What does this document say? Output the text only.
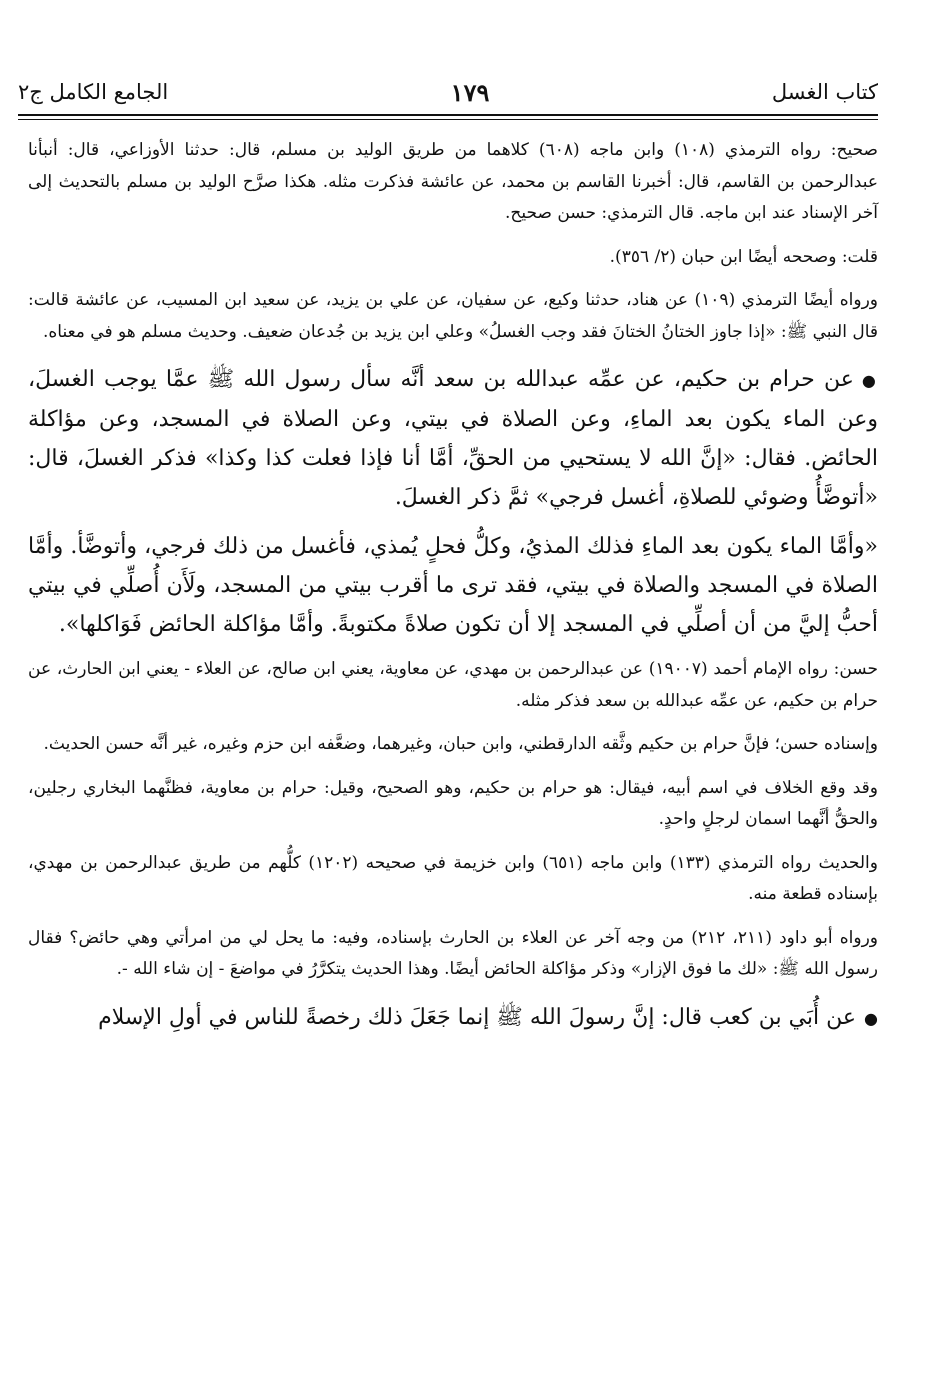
كتاب الغسل
١٧٩
الجامع الكامل ج٢

صحيح: رواه الترمذي (١٠٨) وابن ماجه (٦٠٨) كلاهما من طريق الوليد بن مسلم، قال: حدثنا الأوزاعي، قال: أنبأنا عبدالرحمن بن القاسم، قال: أخبرنا القاسم بن محمد، عن عائشة فذكرت مثله. هكذا صرَّح الوليد بن مسلم بالتحديث إلى آخر الإسناد عند ابن ماجه. قال الترمذي: حسن صحيح.

قلت: وصححه أيضًا ابن حبان (٢/ ٣٥٦).

ورواه أيضًا الترمذي (١٠٩) عن هناد، حدثنا وكيع، عن سفيان، عن علي بن يزيد، عن سعيد ابن المسيب، عن عائشة قالت: قال النبي ﷺ: «إذا جاوز الختانُ الختانَ فقد وجب الغسلُ» وعلي ابن يزيد بن جُدعان ضعيف. وحديث مسلم هو في معناه.

●عن حرام بن حكيم، عن عمِّه عبدالله بن سعد أنَّه سأل رسول الله ﷺ عمَّا يوجب الغسلَ، وعن الماء يكون بعد الماءِ، وعن الصلاة في بيتي، وعن الصلاة في المسجد، وعن مؤاكلة الحائض. فقال: «إنَّ الله لا يستحيي من الحقِّ، أمَّا أنا فإذا فعلت كذا وكذا» فذكر الغسلَ، قال: «أتوضَّأُ وضوئي للصلاةِ، أغسل فرجي» ثمَّ ذكر الغسلَ.

«وأمَّا الماء يكون بعد الماءِ فذلك المذيُ، وكلُّ فحلٍ يُمذي، فأغسل من ذلك فرجي، وأتوضَّأ. وأمَّا الصلاة في المسجد والصلاة في بيتي، فقد ترى ما أقرب بيتي من المسجد، ولَأَن أُصلِّي في بيتي أحبُّ إليَّ من أن أصلِّي في المسجد إلا أن تكون صلاةً مكتوبةً. وأمَّا مؤاكلة الحائض فَوَاكلها».

حسن: رواه الإمام أحمد (١٩٠٠٧) عن عبدالرحمن بن مهدي، عن معاوية، يعني ابن صالح، عن العلاء - يعني ابن الحارث، عن حرام بن حكيم، عن عمِّه عبدالله بن سعد فذكر مثله.

وإسناده حسن؛ فإنَّ حرام بن حكيم وثَّقه الدارقطني، وابن حبان، وغيرهما، وضعَّفه ابن حزم وغيره، غير أنَّه حسن الحديث.

وقد وقع الخلاف في اسم أبيه، فيقال: هو حرام بن حكيم، وهو الصحيح، وقيل: حرام بن معاوية، فظنَّهما البخاري رجلين، والحقُّ أنَّهما اسمان لرجلٍ واحدٍ.

والحديث رواه الترمذي (١٣٣) وابن ماجه (٦٥١) وابن خزيمة في صحيحه (١٢٠٢) كلُّهم من طريق عبدالرحمن بن مهدي، بإسناده قطعة منه.

ورواه أبو داود (٢١١، ٢١٢) من وجه آخر عن العلاء بن الحارث بإسناده، وفيه: ما يحل لي من امرأتي وهي حائض؟ فقال رسول الله ﷺ: «لك ما فوق الإزار» وذكر مؤاكلة الحائض أيضًا. وهذا الحديث يتكرَّرُ في مواضعَ - إن شاء الله -.

●عن أُبَي بن كعب قال: إنَّ رسولَ الله ﷺ إنما جَعَلَ ذلك رخصةً للناس في أولِ الإسلام
